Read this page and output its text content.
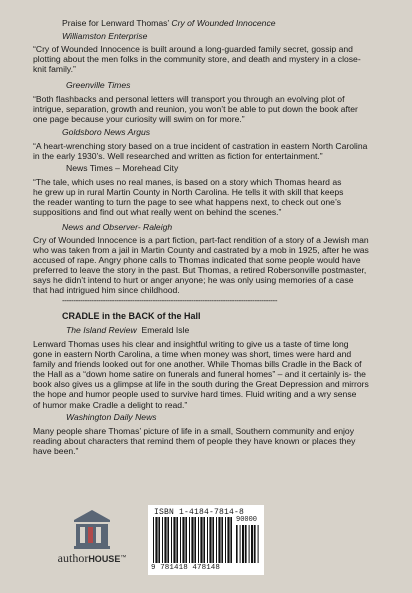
Praise for Lenward Thomas’ Cry of Wounded Innocence
Williamston Enterprise
“Cry of Wounded Innocence is built around a long-guarded family secret, gossip and
plotting about the men folks in the community store, and death and mystery in a close-
knit family.”
Greenville Times
“Both flashbacks and personal letters will transport you through an evolving plot of
intrigue, separation, growth and reunion, you won’t be able to put down the book after
one page because your curiosity will swim on for more.”
Goldsboro News Argus
“A heart-wrenching story based on a true incident of castration in eastern North Carolina
in the early 1930’s. Well researched and written as fiction for entertainment.”
News Times – Morehead City
“The tale, which uses no real manes, is based on a story which Thomas heard as
he grew up in rural Martin County in North Carolina. He tells it with skill that keeps
the reader wanting to turn the page to see what happens next, to check out one’s
suppositions and find out what really went on behind the scenes.”
News and Observer- Raleigh
Cry of Wounded Innocence is a part fiction, part-fact rendition of a story of a Jewish man
who was taken from a jail in Martin County and castrated by a mob in 1925, after he was
accused of rape. Angry phone calls to Thomas indicated that some people would have
preferred to leave the story in the past. But Thomas, a retired Robersonville postmaster,
says he didn’t intend to hurt or anger anyone; he was only using memories of a case
that had intrigued him since childhood.
-----------------------------------------------------------------------------------------------
CRADLE in the BACK of the Hall
The Island Review Emerald Isle
Lenward Thomas uses his clear and insightful writing to give us a taste of time long
gone in eastern North Carolina, a time when money was short, times were hard and
family and friends looked out for one another. While Thomas bills Cradle in the Back of
the Hall as a “down home satire on funerals and funeral homes” – and it certainly is- the
book also gives us a glimpse at life in the south during the Great Depression and mirrors
the hope and humor people used to survive hard times. Fluid writing and a wry sense
of humor make Cradle a delight to read.”
Washington Daily News
Many people share Thomas’ picture of life in a small, Southern community and enjoy
reading about characters that remind them of people they have known or places they
have been.”
authorHOUSE™
ISBN 1-4184-7814-8
90000
9 781418 478148
